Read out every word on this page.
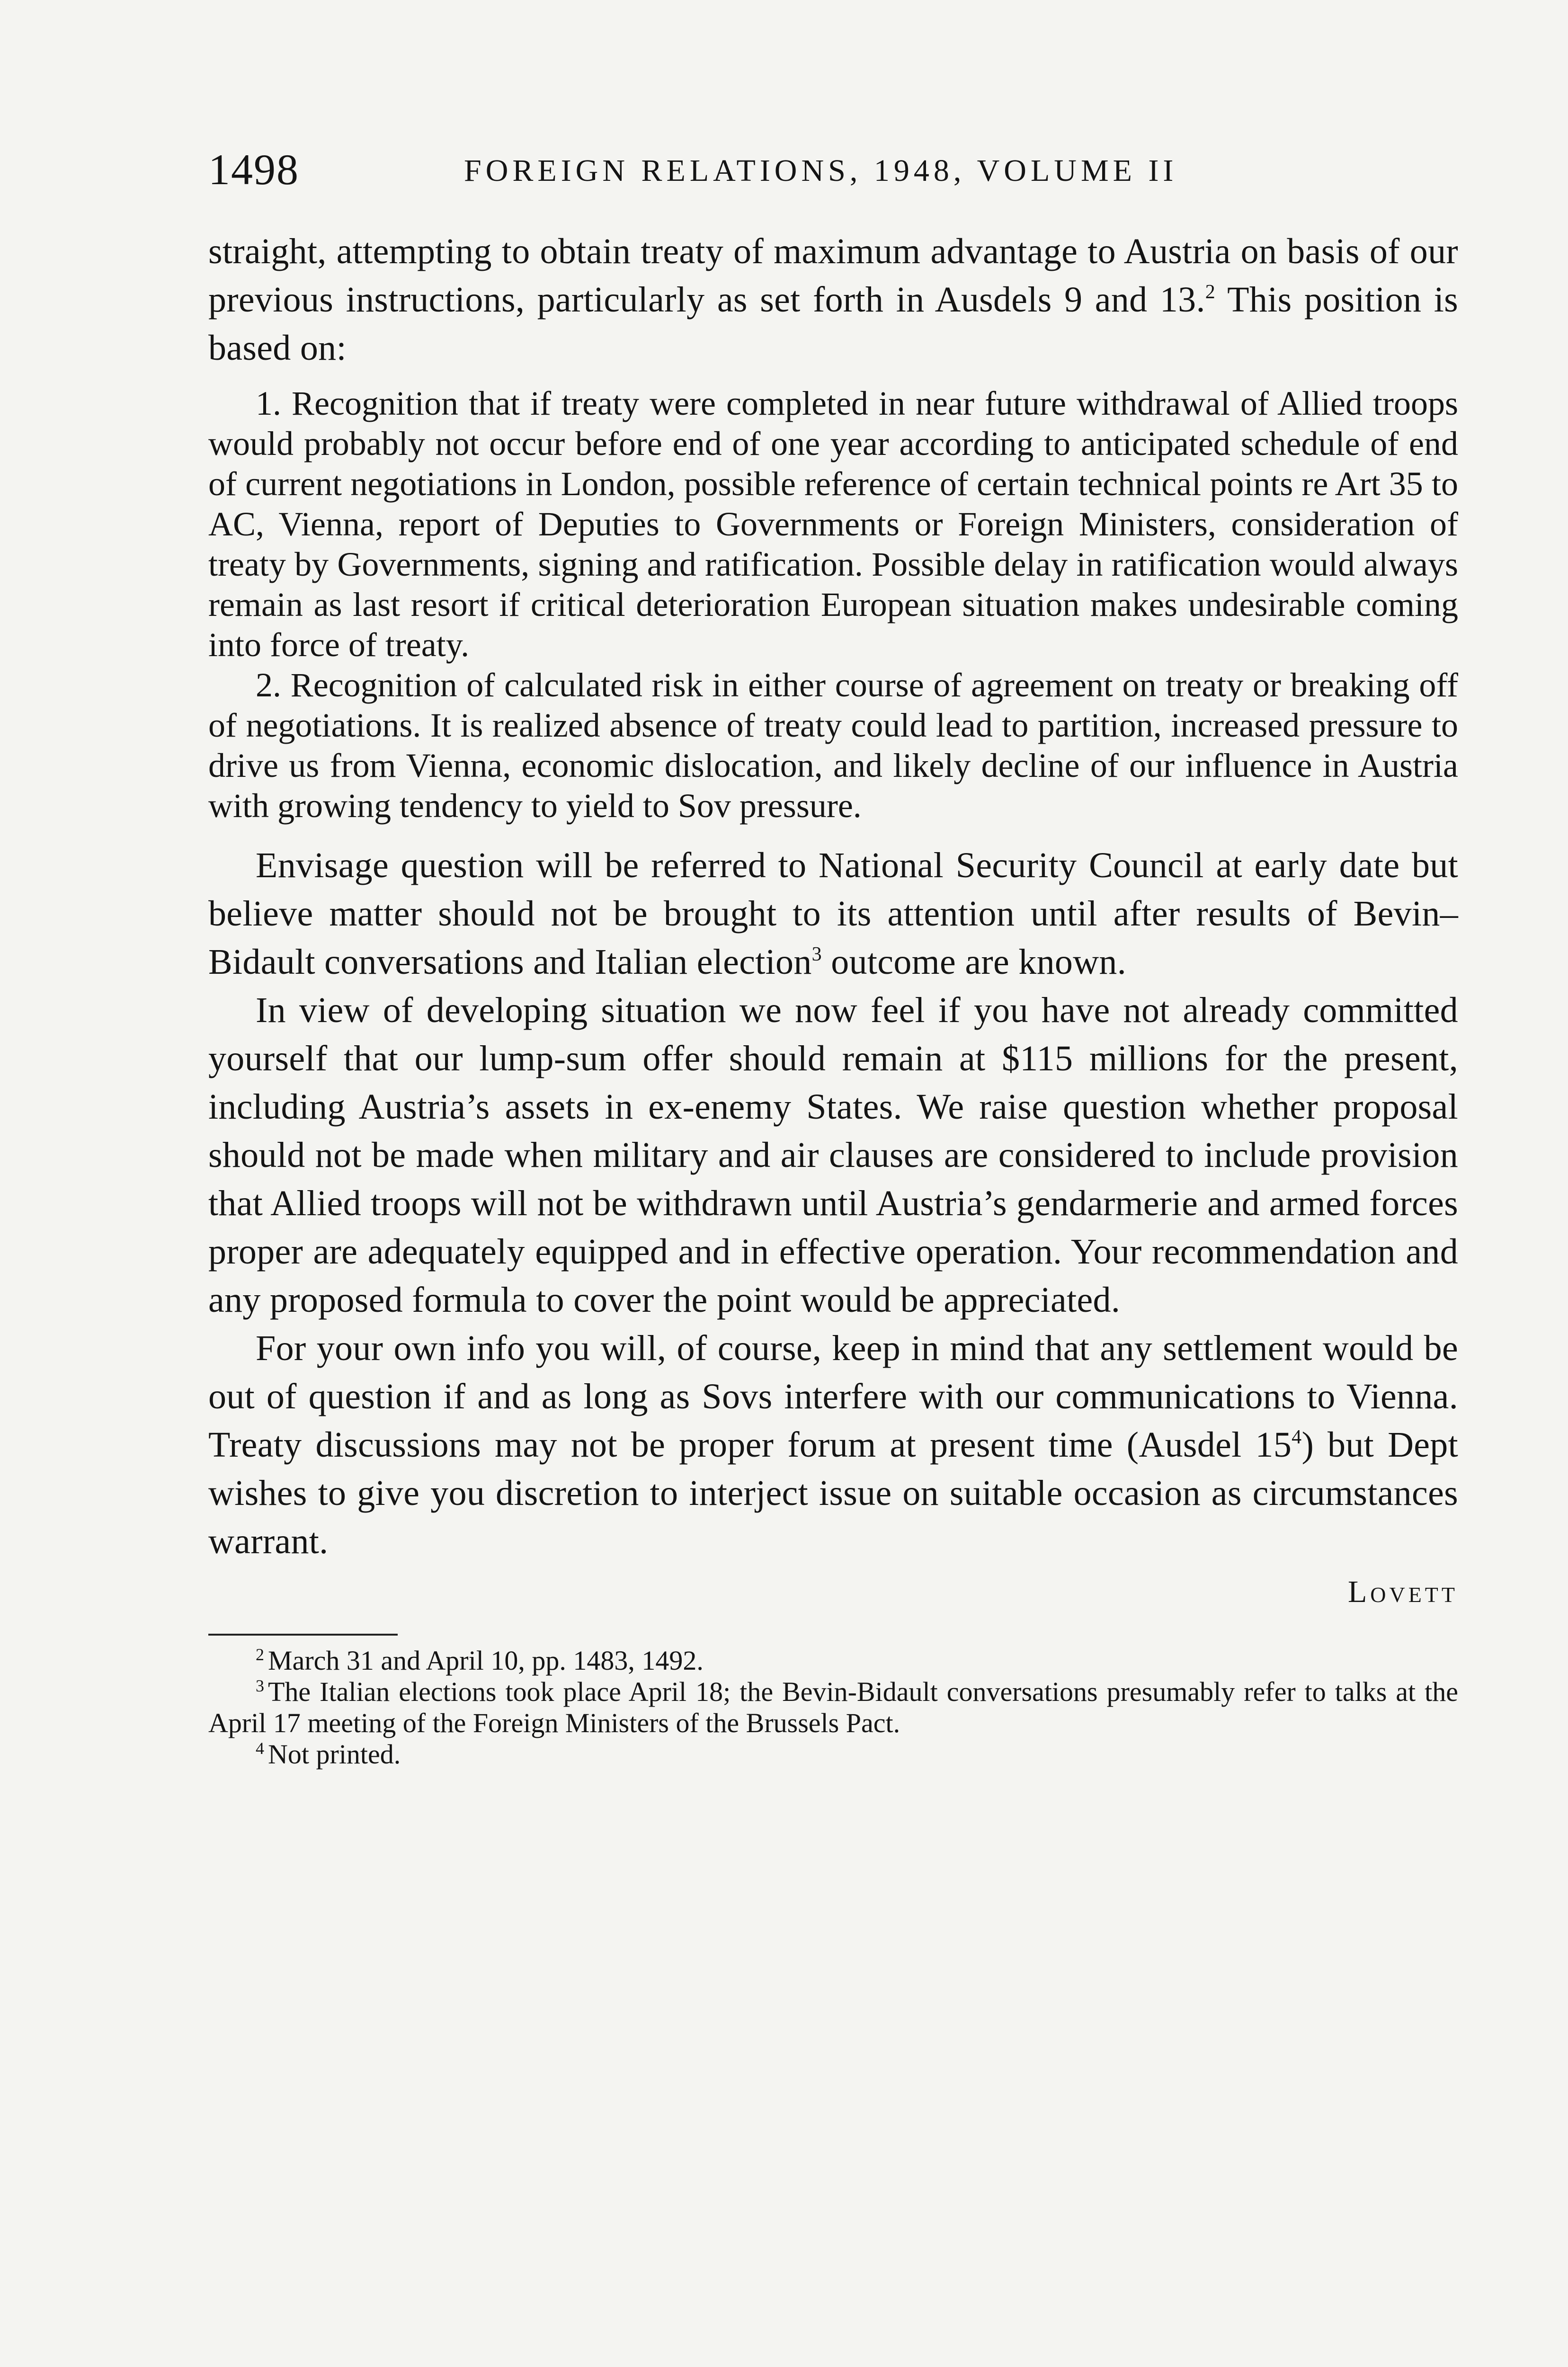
1498	FOREIGN RELATIONS, 1948, VOLUME II

straight, attempting to obtain treaty of maximum advantage to Austria on basis of our previous instructions, particularly as set forth in Ausdels 9 and 13.$^2$ This position is based on:

1. Recognition that if treaty were completed in near future withdrawal of Allied troops would probably not occur before end of one year according to anticipated schedule of end of current negotiations in London, possible reference of certain technical points re Art 35 to AC, Vienna, report of Deputies to Governments or Foreign Ministers, consideration of treaty by Governments, signing and ratification. Possible delay in ratification would always remain as last resort if critical deterioration European situation makes undesirable coming into force of treaty.

2. Recognition of calculated risk in either course of agreement on treaty or breaking off of negotiations. It is realized absence of treaty could lead to partition, increased pressure to drive us from Vienna, economic dislocation, and likely decline of our influence in Austria with growing tendency to yield to Sov pressure.

Envisage question will be referred to National Security Council at early date but believe matter should not be brought to its attention until after results of Bevin–Bidault conversations and Italian election$^3$ outcome are known.

In view of developing situation we now feel if you have not already committed yourself that our lump-sum offer should remain at $115 millions for the present, including Austria’s assets in ex-enemy States. We raise question whether proposal should not be made when military and air clauses are considered to include provision that Allied troops will not be withdrawn until Austria’s gendarmerie and armed forces proper are adequately equipped and in effective operation. Your recommendation and any proposed formula to cover the point would be appreciated.

For your own info you will, of course, keep in mind that any settlement would be out of question if and as long as Sovs interfere with our communications to Vienna. Treaty discussions may not be proper forum at present time (Ausdel $15^4$) but Dept wishes to give you discretion to interject issue on suitable occasion as circumstances warrant.

Lovett

$^2$ March 31 and April 10, pp. 1483, 1492.

$^3$ The Italian elections took place April 18; the Bevin-Bidault conversations presumably refer to talks at the April 17 meeting of the Foreign Ministers of the Brussels Pact.

$^4$ Not printed.
